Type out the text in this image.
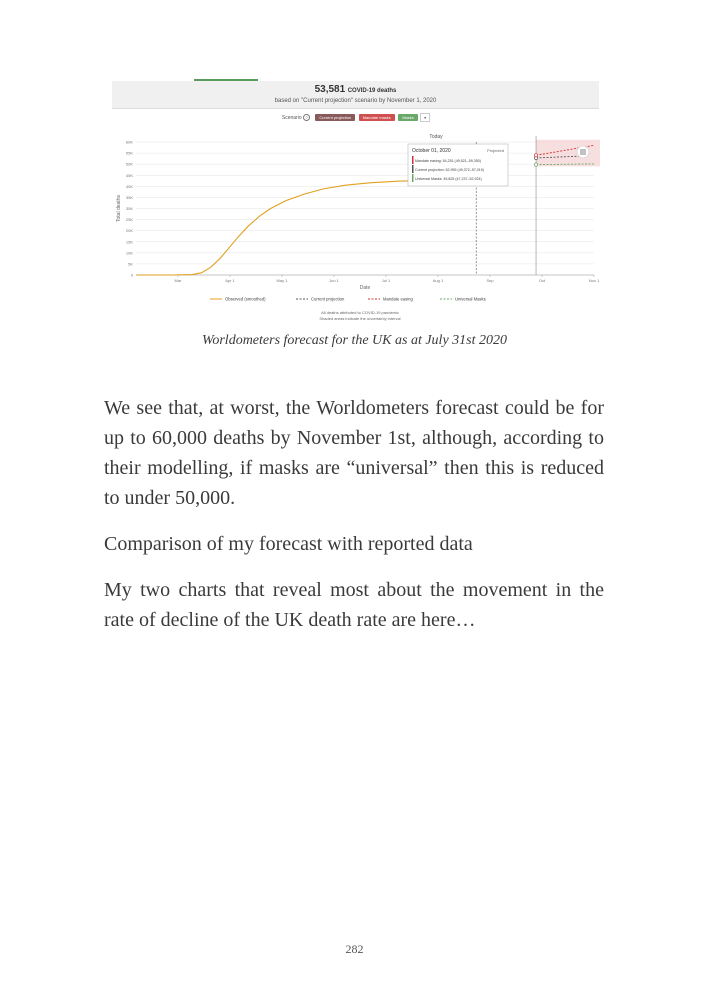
53,581 COVID-19 deaths
based on "Current projection" scenario by November 1, 2020
Scenario ?	Current projection	Mandate masks	Masks	▾
0
5K
10K
15K
20K
25K
30K
35K
40K
45K
50K
55K
60K
Mar	Apr 1	May 1	Jun 1	Jul 1	Aug 1	Sep	Oct	Nov 1
Today
Total deaths
Date
Observed (smoothed)	Current projection	Mandate easing	Universal Masks
October 01, 2020	Projected
Mandate easing: 54,251 (49,521–59,350)
Current projection: 52,955 (49,372–57,019)
Universal Masks: 49,825 (47,237–52,924)
All deaths attributed to COVID-19 pandemic
Shaded areas indicate the uncertainty interval
Worldometers forecast for the UK as at July 31st 2020

We see that, at worst, the Worldometers forecast could be for up to 60,000 deaths by November 1st, although, according to their modelling, if masks are “universal” then this is reduced to under 50,000.

Comparison of my forecast with reported data

My two charts that reveal most about the movement in the rate of decline of the UK death rate are here…

282
